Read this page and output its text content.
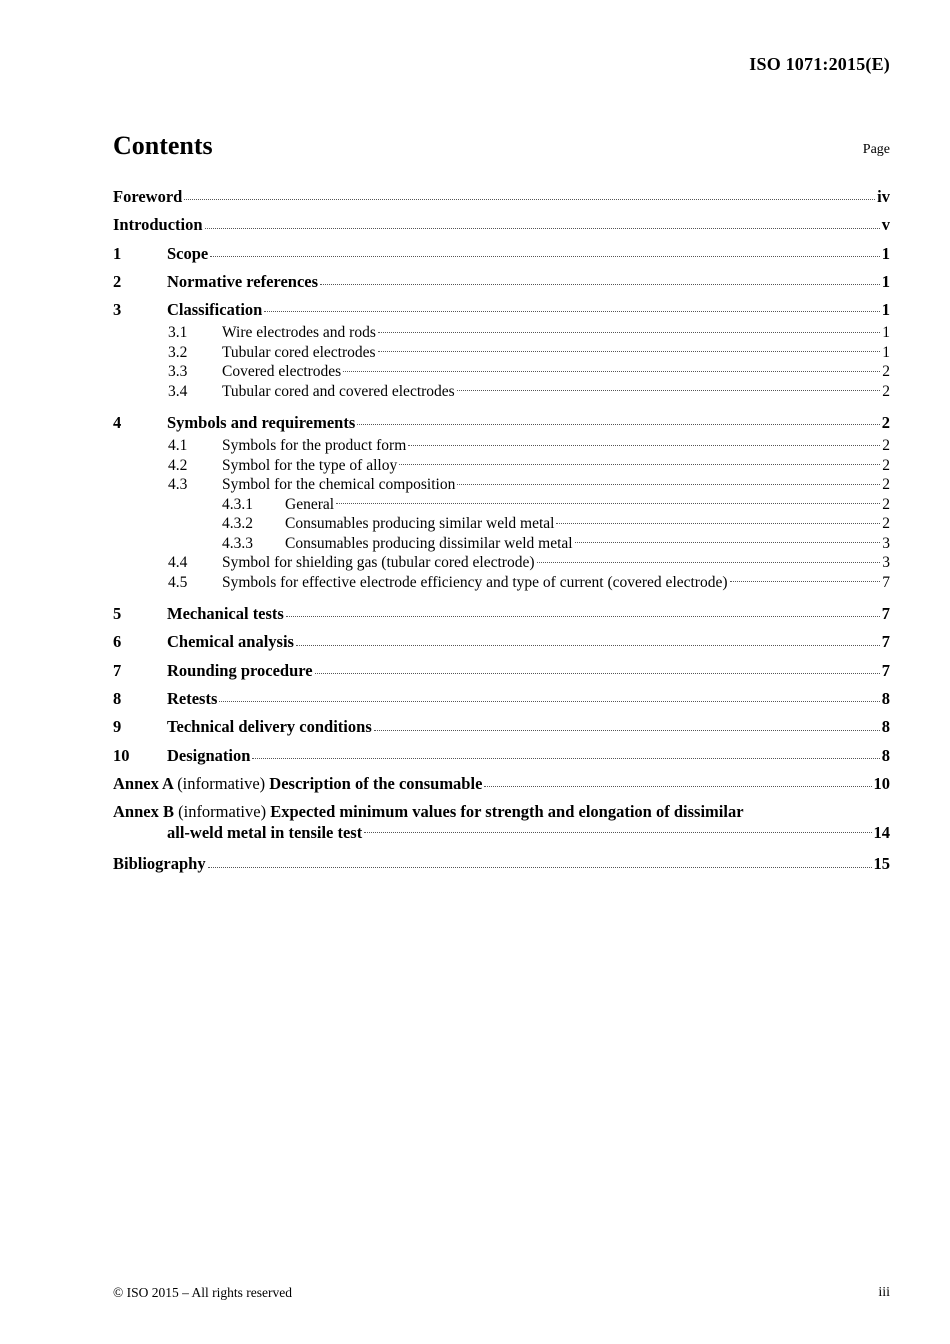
ISO 1071:2015(E)
Contents	Page
Foreword	iv
Introduction	v
1	Scope	1
2	Normative references	1
3	Classification	1
3.1	Wire electrodes and rods	1
3.2	Tubular cored electrodes	1
3.3	Covered electrodes	2
3.4	Tubular cored and covered electrodes	2
4	Symbols and requirements	2
4.1	Symbols for the product form	2
4.2	Symbol for the type of alloy	2
4.3	Symbol for the chemical composition	2
4.3.1	General	2
4.3.2	Consumables producing similar weld metal	2
4.3.3	Consumables producing dissimilar weld metal	3
4.4	Symbol for shielding gas (tubular cored electrode)	3
4.5	Symbols for effective electrode efficiency and type of current (covered electrode)	7
5	Mechanical tests	7
6	Chemical analysis	7
7	Rounding procedure	7
8	Retests	8
9	Technical delivery conditions	8
10	Designation	8
Annex A (informative) Description of the consumable	10
Annex B (informative) Expected minimum values for strength and elongation of dissimilar
all-weld metal in tensile test	14
Bibliography	15
© ISO 2015 – All rights reserved	iii
